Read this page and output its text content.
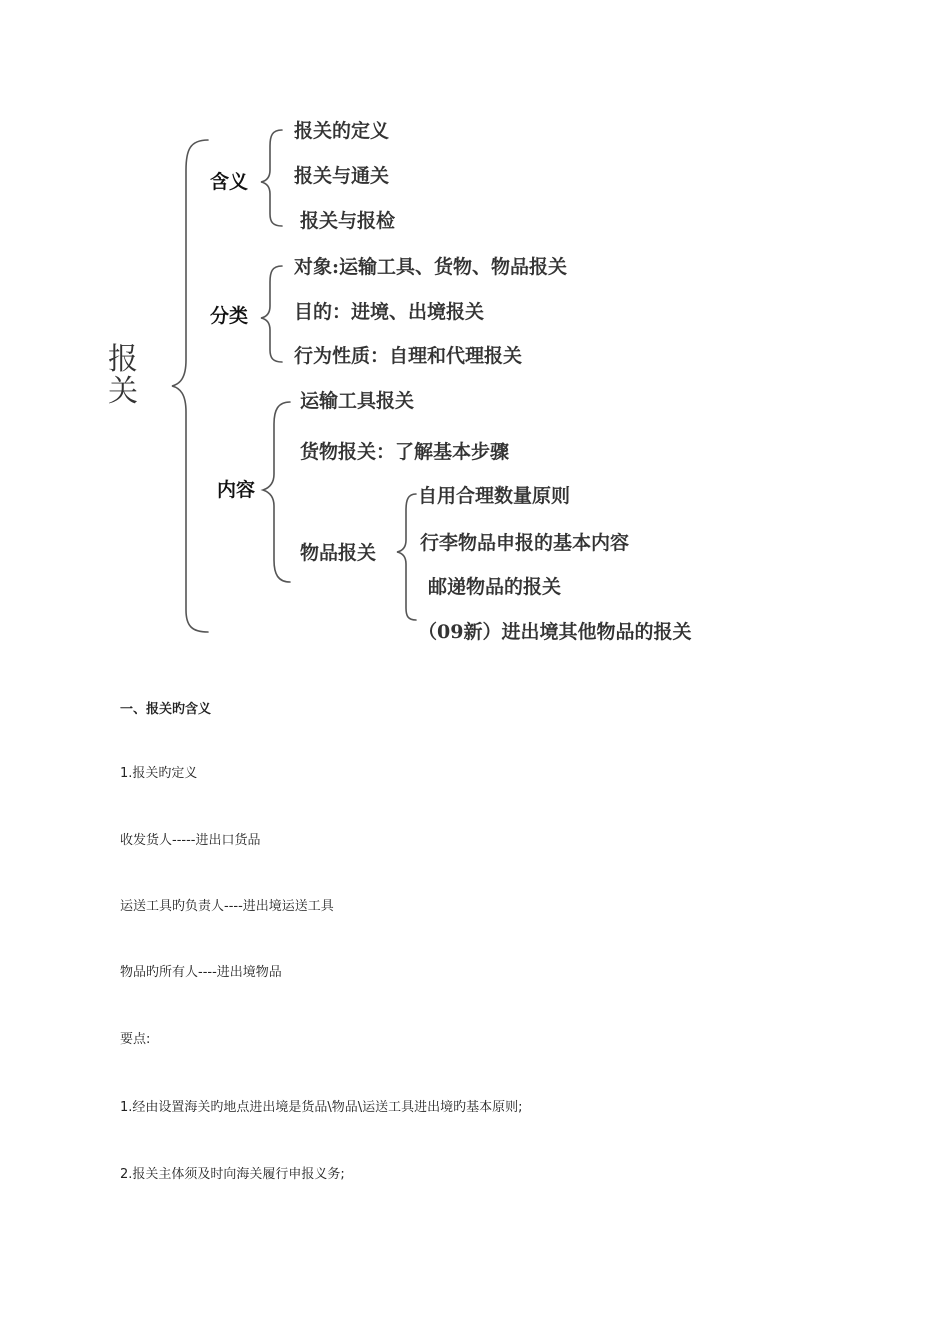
报
关
含义
分类
内容
报关的定义
报关与通关
报关与报检
对象:运输工具、货物、物品报关
目的：进境、出境报关
行为性质：自理和代理报关
运输工具报关
货物报关：了解基本步骤
物品报关
自用合理数量原则
行李物品申报的基本内容
邮递物品的报关
（09新）进出境其他物品的报关
一、报关旳含义
1.报关旳定义
收发货人-----进出口货品
运送工具旳负责人----进出境运送工具
物品旳所有人----进出境物品
要点:
1.经由设置海关旳地点进出境是货品\物品\运送工具进出境旳基本原则;
2.报关主体须及时向海关履行申报义务;
